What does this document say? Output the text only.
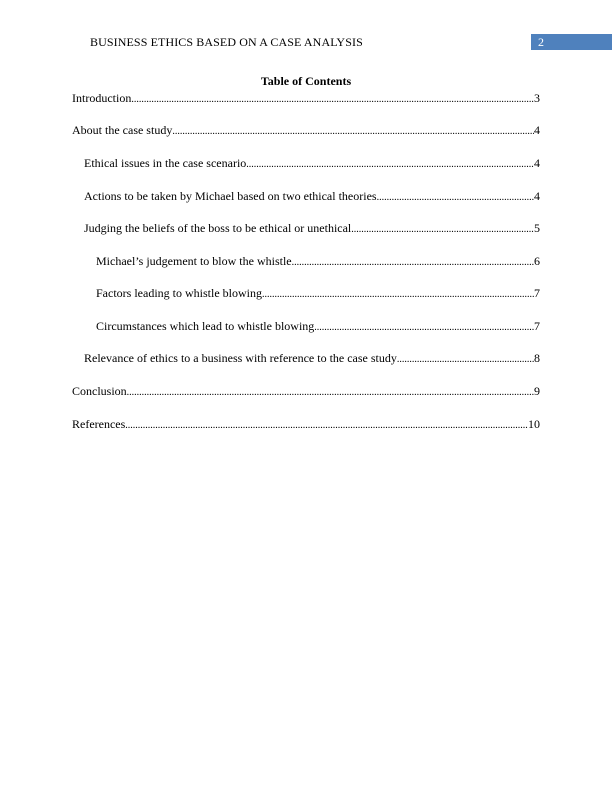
BUSINESS ETHICS BASED ON A CASE ANALYSIS	2
Table of Contents
Introduction .....	3
About the case study .....	4
Ethical issues in the case scenario .....	4
Actions to be taken by Michael based on two ethical theories .....	4
Judging the beliefs of the boss to be ethical or unethical .....	5
Michael’s judgement to blow the whistle .....	6
Factors leading to whistle blowing .....	7
Circumstances which lead to whistle blowing .....	7
Relevance of ethics to a business with reference to the case study .....	8
Conclusion .....	9
References .....	10
